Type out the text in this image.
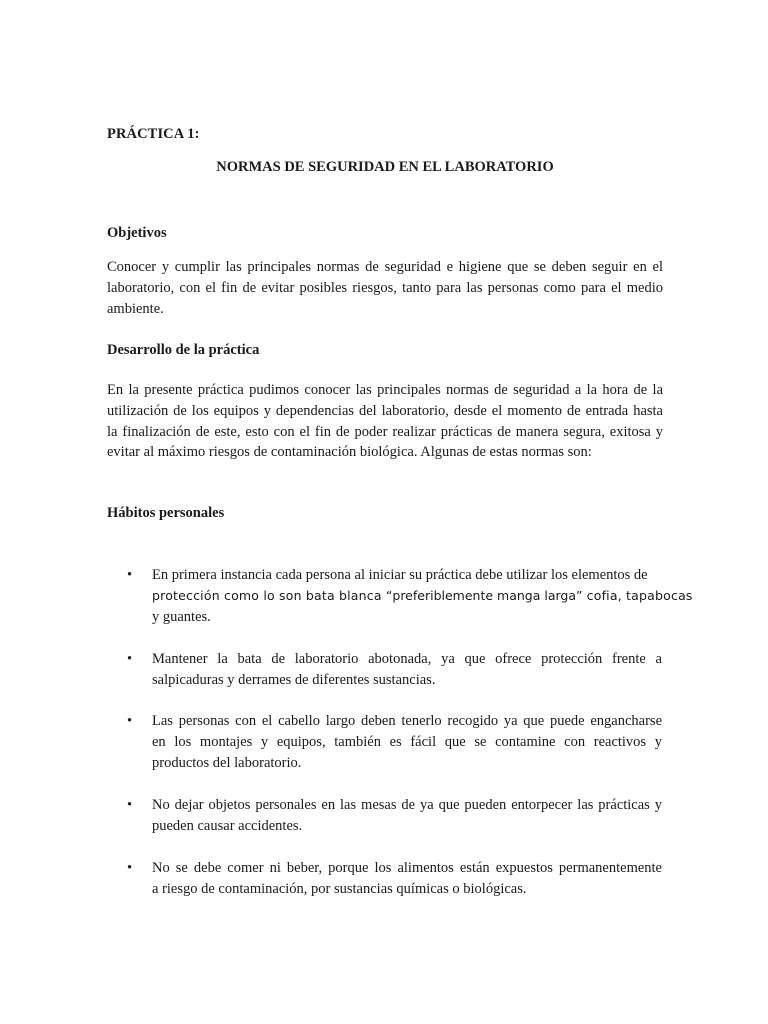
PRÁCTICA 1:
NORMAS DE SEGURIDAD EN EL LABORATORIO
Objetivos
Conocer y cumplir las principales normas de seguridad e higiene que se deben seguir en el
laboratorio, con el fin de evitar posibles riesgos, tanto para las personas como para el medio
ambiente.
Desarrollo de la práctica
En la presente práctica pudimos conocer las principales normas de seguridad a la hora de la
utilización de los equipos y dependencias del laboratorio, desde el momento de entrada hasta
la finalización de este, esto con el fin de poder realizar prácticas de manera segura, exitosa y
evitar al máximo riesgos de contaminación biológica. Algunas de estas normas son:
Hábitos personales
• En primera instancia cada persona al iniciar su práctica debe utilizar los elementos de
protección como lo son bata blanca “preferiblemente manga larga” cofia, tapabocas
y guantes.
• Mantener la bata de laboratorio abotonada, ya que ofrece protección frente a
salpicaduras y derrames de diferentes sustancias.
• Las personas con el cabello largo deben tenerlo recogido ya que puede engancharse
en los montajes y equipos, también es fácil que se contamine con reactivos y
productos del laboratorio.
• No dejar objetos personales en las mesas de ya que pueden entorpecer las prácticas y
pueden causar accidentes.
• No se debe comer ni beber, porque los alimentos están expuestos permanentemente
a riesgo de contaminación, por sustancias químicas o biológicas.
